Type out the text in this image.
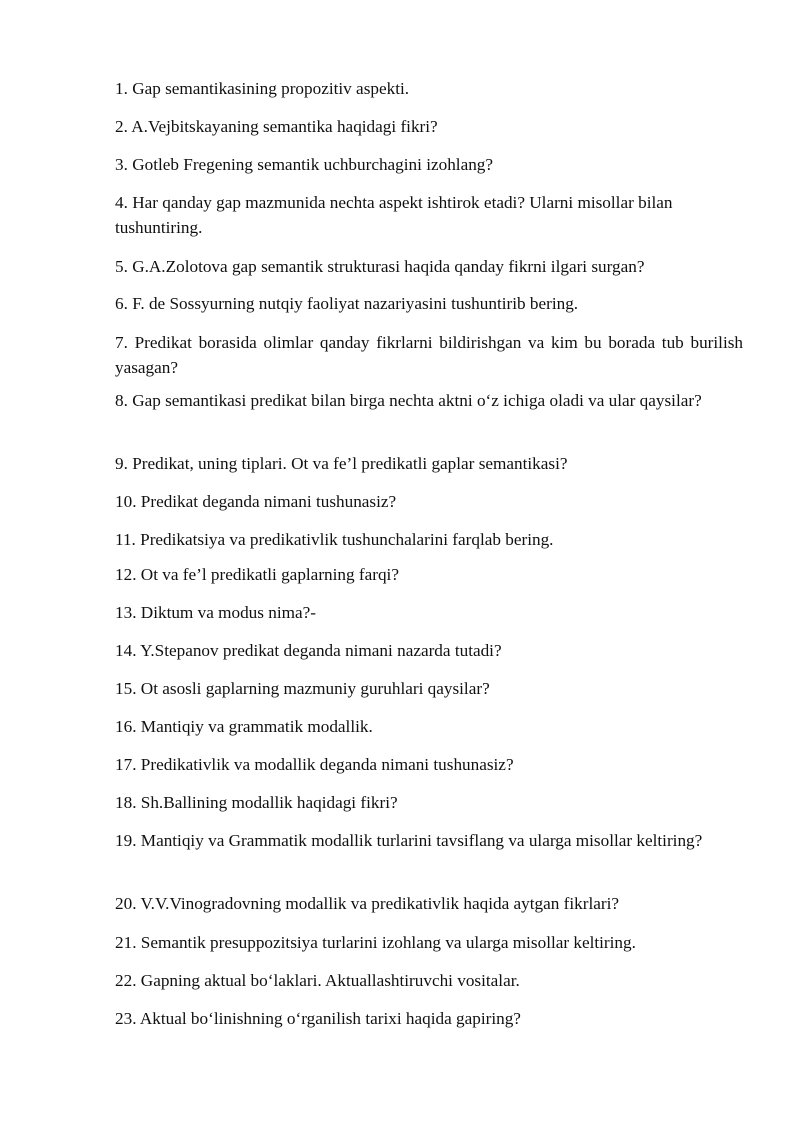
1. Gap semantikasining propozitiv aspekti.

2. A.Vejbitskayaning semantika haqidagi fikri?

3. Gotleb Fregening semantik uchburchagini izohlang?

4. Har qanday gap mazmunida nechta aspekt ishtirok etadi? Ularni misollar bilan tushuntiring.

5. G.A.Zolotova gap semantik strukturasi haqida qanday fikrni ilgari surgan?

6. F. de Sossyurning nutqiy faoliyat nazariyasini tushuntirib bering.

7. Predikat borasida olimlar qanday fikrlarni bildirishgan va kim bu borada tub burilish yasagan?

8. Gap semantikasi predikat bilan birga nechta aktni o‘z ichiga oladi va ular qaysilar?

9. Predikat, uning tiplari. Ot va fe’l predikatli gaplar semantikasi?

10. Predikat deganda nimani tushunasiz?

11. Predikatsiya va predikativlik tushunchalarini farqlab bering.

12. Ot va fe’l predikatli gaplarning farqi?

13. Diktum va modus nima?-

14. Y.Stepanov predikat deganda nimani nazarda tutadi?

15. Ot asosli gaplarning mazmuniy guruhlari qaysilar?

16. Mantiqiy va grammatik modallik.

17. Predikativlik va modallik deganda nimani tushunasiz?

18. Sh.Ballining modallik haqidagi fikri?

19. Mantiqiy va Grammatik modallik turlarini tavsiflang va ularga misollar keltiring?

20. V.V.Vinogradovning modallik va predikativlik haqida aytgan fikrlari?

21. Semantik presuppozitsiya turlarini izohlang va ularga misollar keltiring.

22. Gapning aktual bo‘laklari. Aktuallashtiruvchi vositalar.

23. Aktual bo‘linishning o‘rganilish tarixi haqida gapiring?
